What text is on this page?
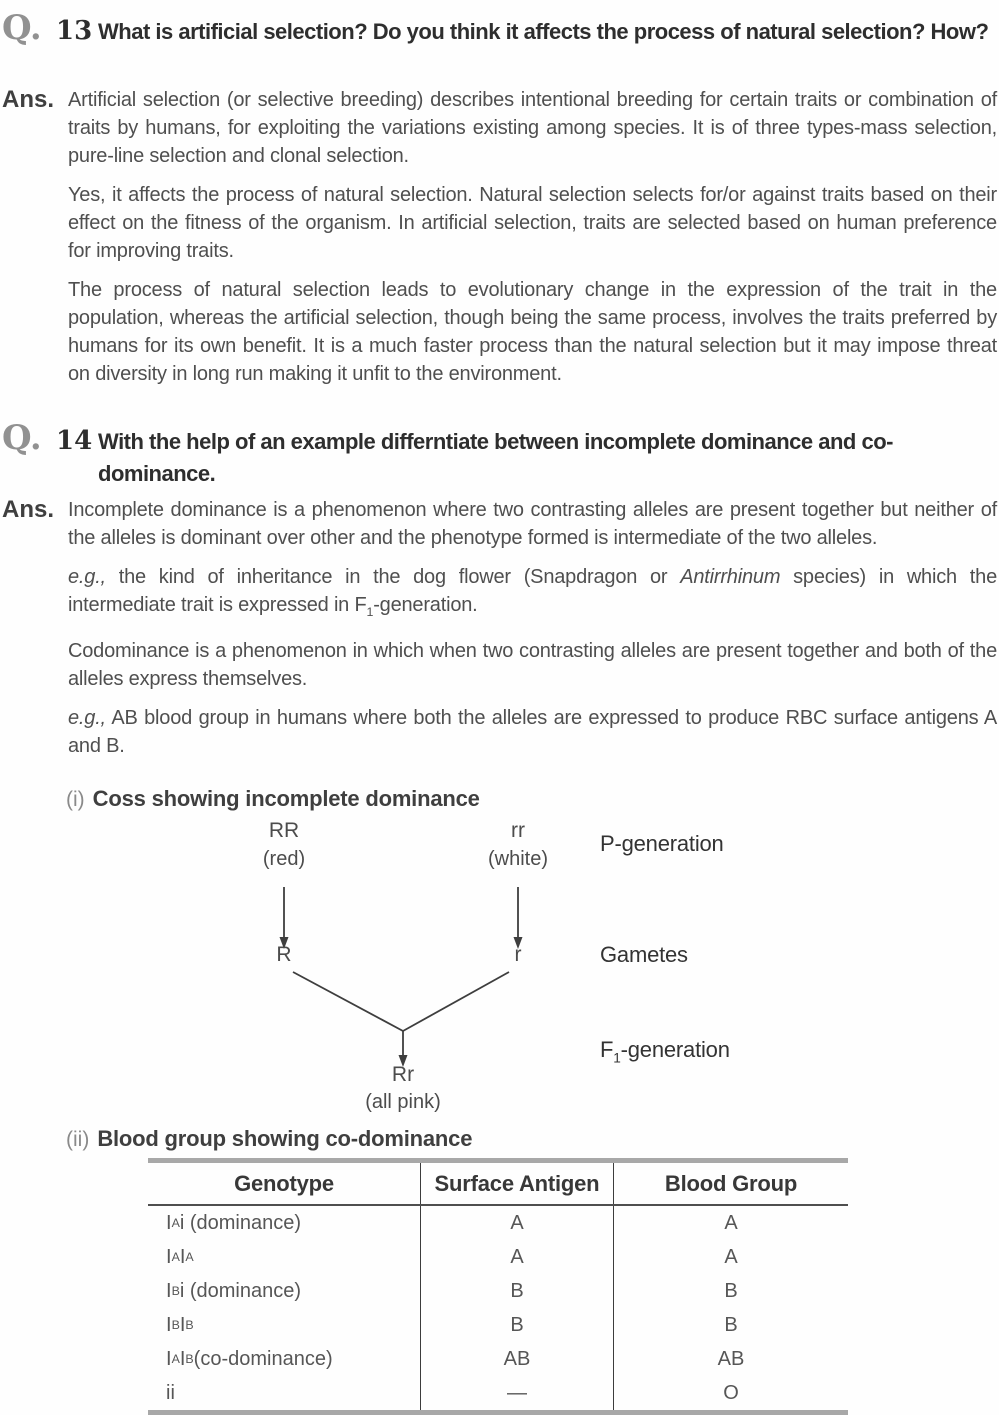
Q. 13 What is artificial selection? Do you think it affects the process of natural selection? How?
Ans. Artificial selection (or selective breeding) describes intentional breeding for certain traits or combination of traits by humans, for exploiting the variations existing among species. It is of three types-mass selection, pure-line selection and clonal selection.

Yes, it affects the process of natural selection. Natural selection selects for/or against traits based on their effect on the fitness of the organism. In artificial selection, traits are selected based on human preference for improving traits.

The process of natural selection leads to evolutionary change in the expression of the trait in the population, whereas the artificial selection, though being the same process, involves the traits preferred by humans for its own benefit. It is a much faster process than the natural selection but it may impose threat on diversity in long run making it unfit to the environment.

Q. 14 With the help of an example differntiate between incomplete dominance and co-dominance.
Ans. Incomplete dominance is a phenomenon where two contrasting alleles are present together but neither of the alleles is dominant over other and the phenotype formed is intermediate of the two alleles.

e.g., the kind of inheritance in the dog flower (Snapdragon or Antirrhinum species) in which the intermediate trait is expressed in $F_1$-generation.

Codominance is a phenomenon in which when two contrasting alleles are present together and both of the alleles express themselves.

e.g., AB blood group in humans where both the alleles are expressed to produce RBC surface antigens A and B.

(i) Coss showing incomplete dominance
RR
(red)
rr
(white)
R	r
Rr
(all pink)
P-generation
Gametes
$F_1$-generation
(ii) Blood group showing co-dominance
Genotype	Surface Antigen	Blood Group
I A i (dominance)	A	A
I A I A	A	A
I B i (dominance)	B	B
I B I B	B	B
I A I B (co-dominance)	AB	AB
ii	—	O
